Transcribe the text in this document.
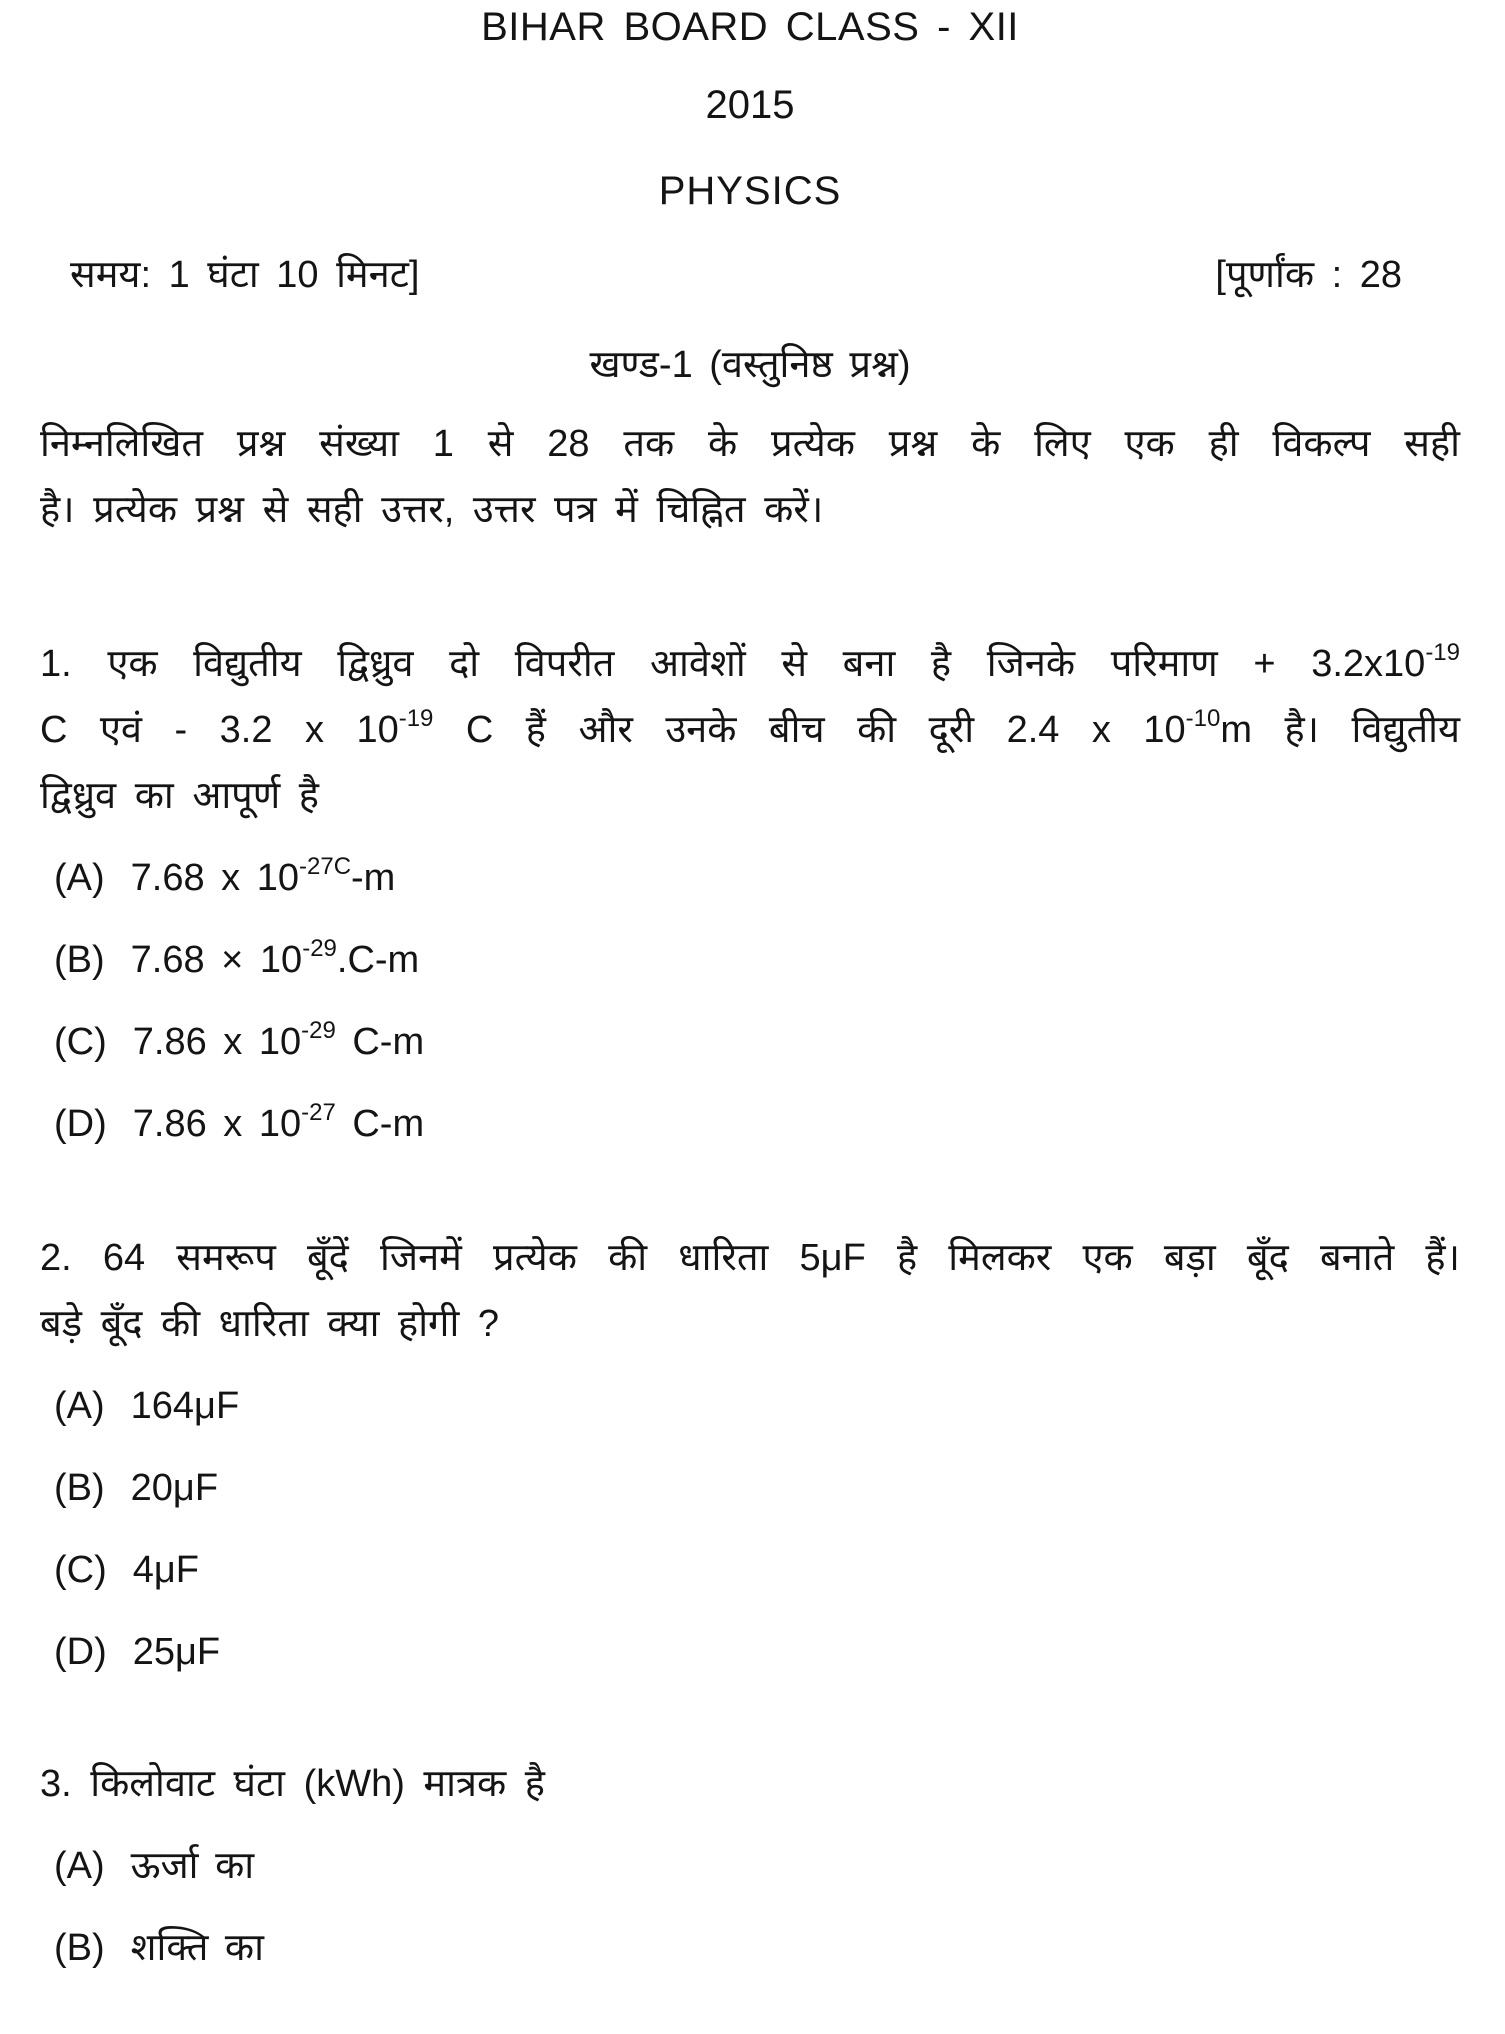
BIHAR BOARD CLASS - XII
2015
PHYSICS
समय: 1 घंटा 10 मिनट]	[पूर्णांक : 28
खण्ड-1 (वस्तुनिष्ठ प्रश्न)
निम्नलिखित प्रश्न संख्या 1 से 28 तक के प्रत्येक प्रश्न के लिए एक ही विकल्प सही
है। प्रत्येक प्रश्न से सही उत्तर, उत्तर पत्र में चिह्नित करें।
1. एक विद्युतीय द्विध्रुव दो विपरीत आवेशों से बना है जिनके परिमाण + $3.2x10^{-19}$
C एवं - 3.2 x $10^{-19}$ C हैं और उनके बीच की दूरी 2.4 x $10^{-10}m$ है। विद्युतीय
द्विध्रुव का आपूर्ण है
(A) 7.68 x $10^{-27C}-m$
(B) $7.68 \times 10^{-29}.C-m$
(C) 7.86 x $10^{-29}$ C-m
(D) 7.86 x $10^{-27}$ C-m
2. 64 समरूप बूँदें जिनमें प्रत्येक की धारिता 5μF है मिलकर एक बड़ा बूँद बनाते हैं।
बड़े बूँद की धारिता क्या होगी ?
(A) 164μF
(B) 20μF
(C) 4μF
(D) 25μF
3. किलोवाट घंटा (kWh) मात्रक है
(A) ऊर्जा का
(B) शक्ति का
